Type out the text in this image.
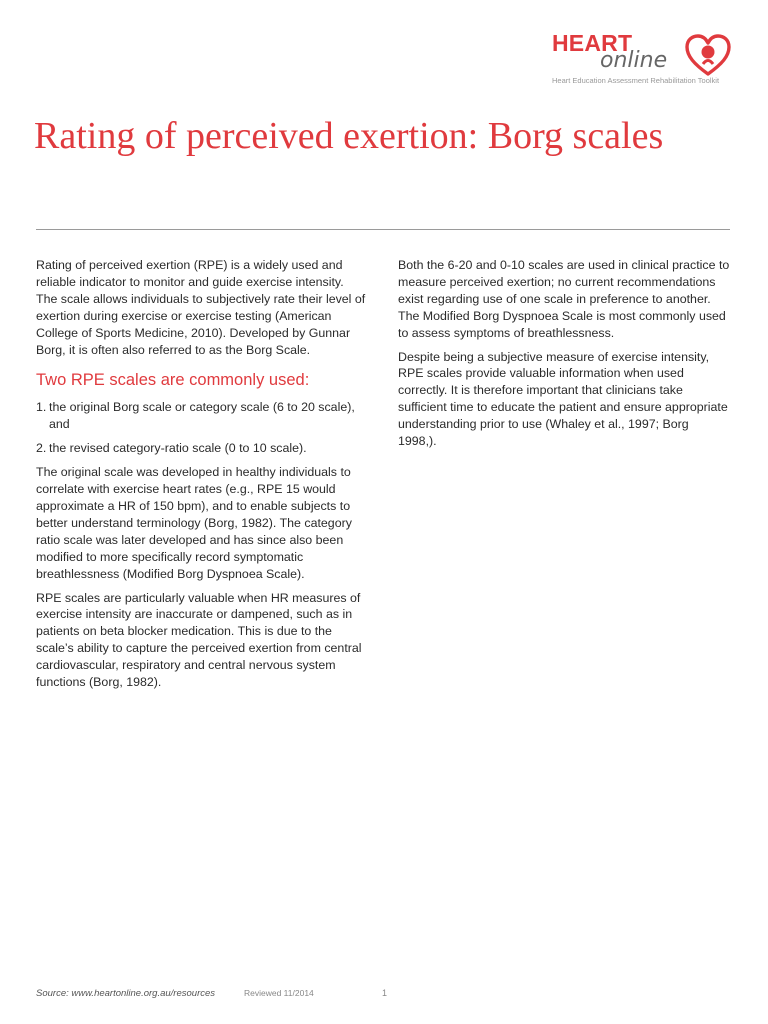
HEART
online
Heart Education Assessment Rehabilitation Toolkit
Rating of perceived exertion: Borg scales

Rating of perceived exertion (RPE) is a widely used and reliable indicator to monitor and guide exercise intensity. The scale allows individuals to subjectively rate their level of exertion during exercise or exercise testing (American College of Sports Medicine, 2010). Developed by Gunnar Borg, it is often also referred to as the Borg Scale.

Two RPE scales are commonly used:
1. the original Borg scale or category scale (6 to 20 scale), and
2. the revised category-ratio scale (0 to 10 scale).

The original scale was developed in healthy individuals to correlate with exercise heart rates (e.g., RPE 15 would approximate a HR of 150 bpm), and to enable subjects to better understand terminology (Borg, 1982). The category ratio scale was later developed and has since also been modified to more specifically record symptomatic breathlessness (Modified Borg Dyspnoea Scale).

RPE scales are particularly valuable when HR measures of exercise intensity are inaccurate or dampened, such as in patients on beta blocker medication. This is due to the scale’s ability to capture the perceived exertion from central cardiovascular, respiratory and central nervous system functions (Borg, 1982).

Both the 6-20 and 0-10 scales are used in clinical practice to measure perceived exertion; no current recommendations exist regarding use of one scale in preference to another. The Modified Borg Dyspnoea Scale is most commonly used to assess symptoms of breathlessness.

Despite being a subjective measure of exercise intensity, RPE scales provide valuable information when used correctly. It is therefore important that clinicians take sufficient time to educate the patient and ensure appropriate understanding prior to use (Whaley et al., 1997; Borg 1998,).

Source: www.heartonline.org.au/resources	Reviewed 11/2014	1
